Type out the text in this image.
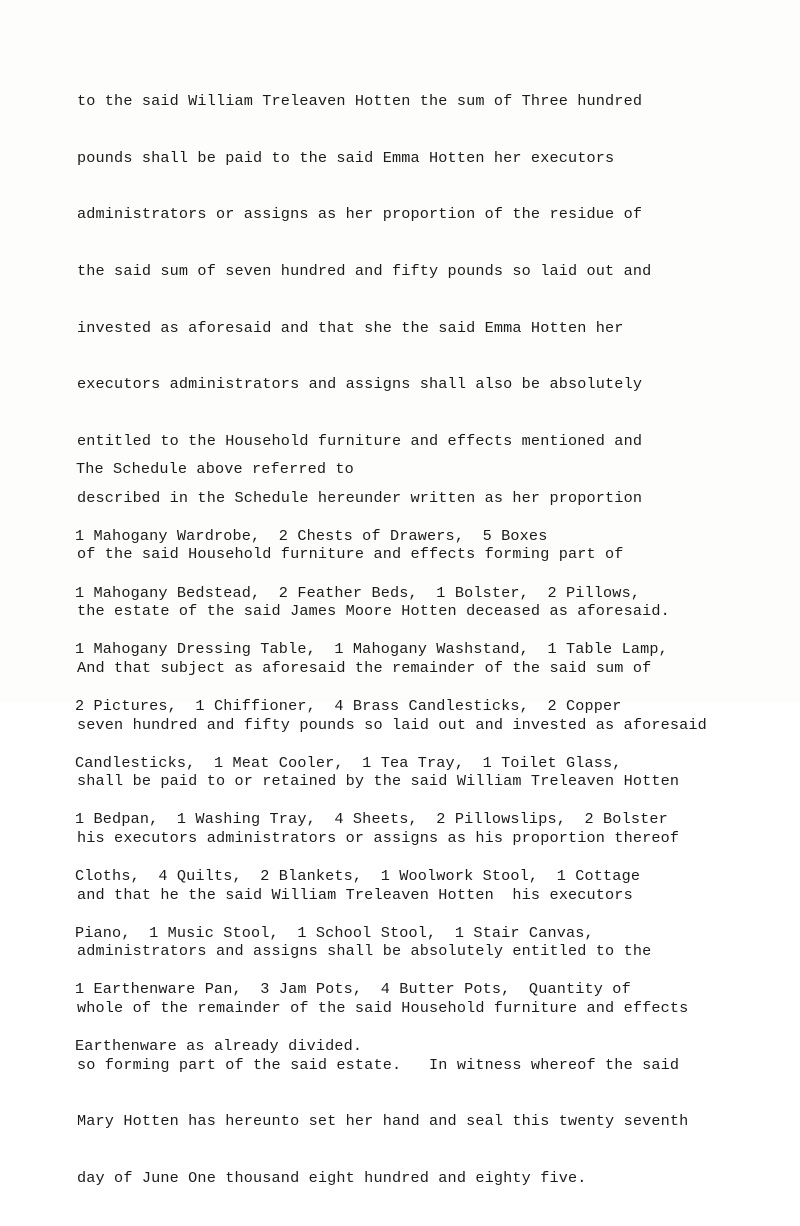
to the said William Treleaven Hotten the sum of Three hundred

pounds shall be paid to the said Emma Hotten her executors

administrators or assigns as her proportion of the residue of

the said sum of seven hundred and fifty pounds so laid out and

invested as aforesaid and that she the said Emma Hotten her

executors administrators and assigns shall also be absolutely

entitled to the Household furniture and effects mentioned and

described in the Schedule hereunder written as her proportion

of the said Household furniture and effects forming part of

the estate of the said James Moore Hotten deceased as aforesaid.

And that subject as aforesaid the remainder of the said sum of

seven hundred and fifty pounds so laid out and invested as aforesaid

shall be paid to or retained by the said William Treleaven Hotten

his executors administrators or assigns as his proportion thereof

and that he the said William Treleaven Hotten  his executors

administrators and assigns shall be absolutely entitled to the

whole of the remainder of the said Household furniture and effects

so forming part of the said estate.   In witness whereof the said

Mary Hotten has hereunto set her hand and seal this twenty seventh

day of June One thousand eight hundred and eighty five.

The Schedule above referred to

1 Mahogany Wardrobe,  2 Chests of Drawers,  5 Boxes

1 Mahogany Bedstead,  2 Feather Beds,  1 Bolster,  2 Pillows,

1 Mahogany Dressing Table,  1 Mahogany Washstand,  1 Table Lamp,

2 Pictures,  1 Chiffioner,  4 Brass Candlesticks,  2 Copper

Candlesticks,  1 Meat Cooler,  1 Tea Tray,  1 Toilet Glass,

1 Bedpan,  1 Washing Tray,  4 Sheets,  2 Pillowslips,  2 Bolster

Cloths,  4 Quilts,  2 Blankets,  1 Woolwork Stool,  1 Cottage

Piano,  1 Music Stool,  1 School Stool,  1 Stair Canvas,

1 Earthenware Pan,  3 Jam Pots,  4 Butter Pots,  Quantity of

Earthenware as already divided.
